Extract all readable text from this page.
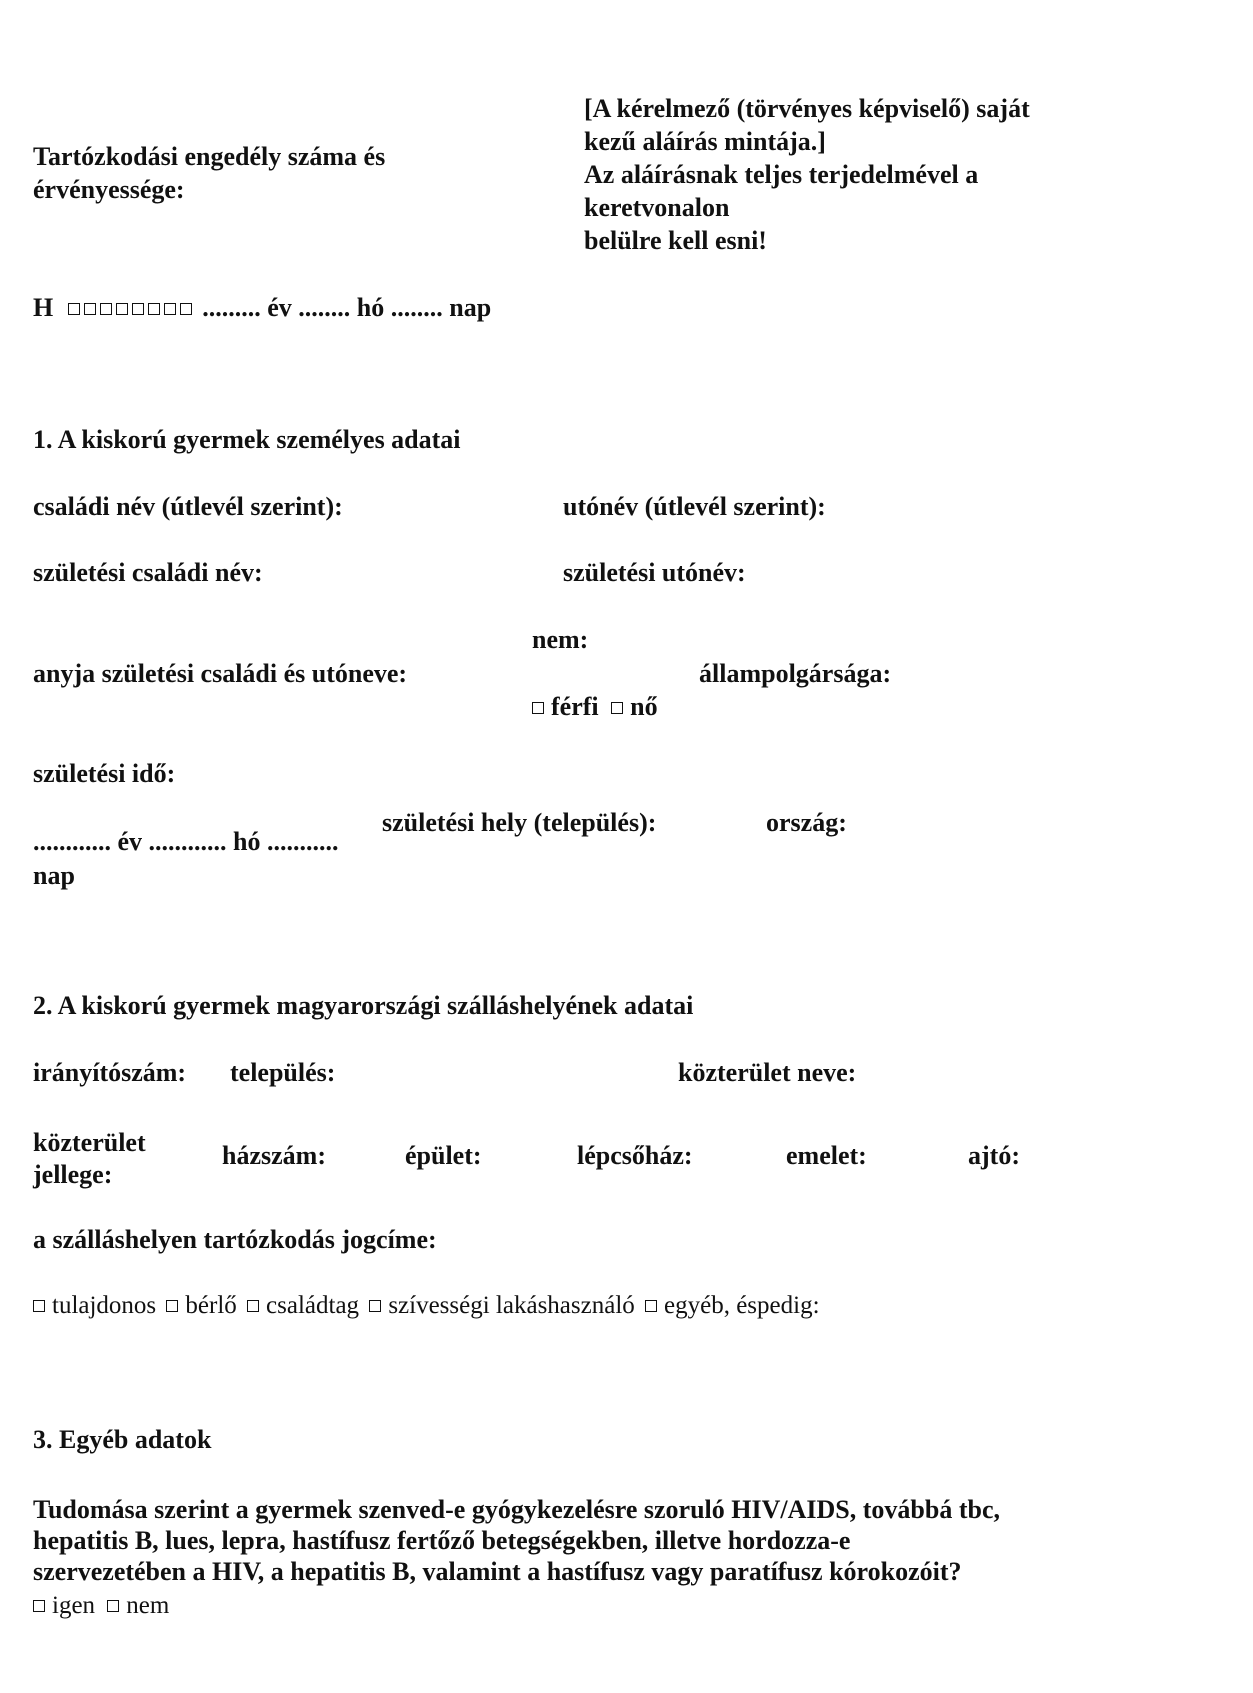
Tartózkodási engedély száma és
érvényessége:
[A kérelmező (törvényes képviselő) saját
kezű aláírás mintája.]
Az aláírásnak teljes terjedelmével a
keretvonalon
belülre kell esni!
H	......... év ........ hó ........ nap
1. A kiskorú gyermek személyes adatai
családi név (útlevél szerint):	utónév (útlevél szerint):
születési családi név:	születési utónév:
nem:
anyja születési családi és utóneve:	állampolgársága:
férfi nő
születési idő:
születési hely (település):	ország:
............ év ............ hó ...........
nap
2. A kiskorú gyermek magyarországi szálláshelyének adatai
irányítószám: település:	közterület neve:
közterület
jellege:
házszám:	épület:	lépcsőház:	emelet:	ajtó:
a szálláshelyen tartózkodás jogcíme:
tulajdonos bérlő családtag szívességi lakáshasználó egyéb, éspedig:
3. Egyéb adatok
Tudomása szerint a gyermek szenved-e gyógykezelésre szoruló HIV/AIDS, továbbá tbc,
hepatitis B, lues, lepra, hastífusz fertőző betegségekben, illetve hordozza-e
szervezetében a HIV, a hepatitis B, valamint a hastífusz vagy paratífusz kórokozóit?
igen nem
